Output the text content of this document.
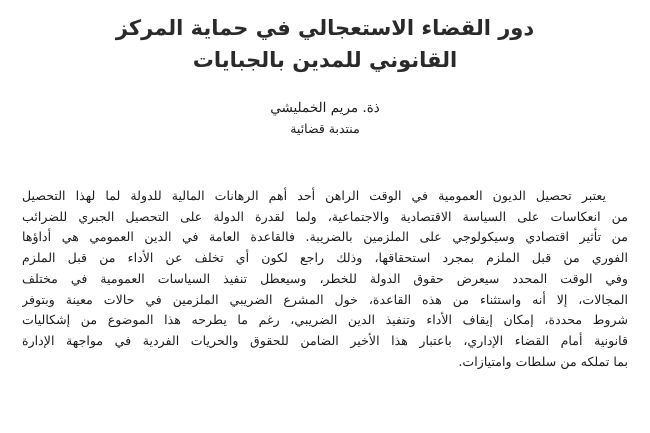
دور القضاء الاستعجالي في حماية المركز
القانوني للمدين بالجبايات
ذة. مريم الخمليشي
منتدبة قضائية
يعتبر تحصيل الديون العمومية في الوقت الراهن أحد أهم الرهانات المالية للدولة لما لهذا التحصيل
من انعكاسات على السياسة الاقتصادية والاجتماعية، ولما لقدرة الدولة على التحصيل الجبري للضرائب
من تأثير اقتصادي وسيكولوجي على الملزمين بالضريبة. فالقاعدة العامة في الدين العمومي هي أداؤها
الفوري من قبل الملزم بمجرد استحقاقها، وذلك راجع لكون أي تخلف عن الأداء من قبل الملزم
وفي الوقت المحدد سيعرض حقوق الدولة للخطر، وسيعطل تنفيذ السياسات العمومية في مختلف
المجالات، إلا أنه واستثناء من هذه القاعدة، خول المشرع الضريبي الملزمين في حالات معينة وبتوفر
شروط محددة، إمكان إيقاف الأداء وتنفيذ الدين الضريبي، رغم ما يطرحه هذا الموضوع من إشكاليات
قانونية أمام القضاء الإداري، باعتبار هذا الأخير الضامن للحقوق والحريات الفردية في مواجهة الإدارة
بما تملكه من سلطات وامتيازات.
